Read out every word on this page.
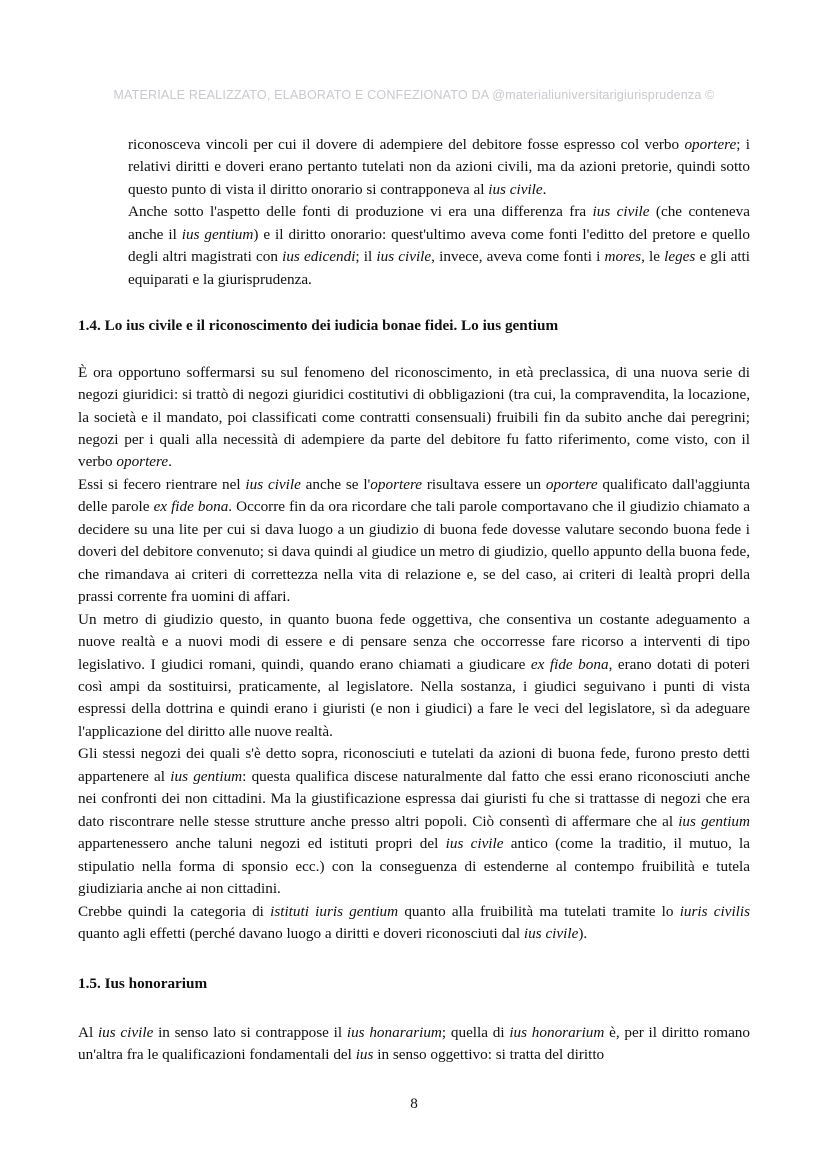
MATERIALE REALIZZATO, ELABORATO E CONFEZIONATO DA @materialiuniversitarigiurisprudenza ©

riconosceva vincoli per cui il dovere di adempiere del debitore fosse espresso col verbo oportere; i relativi diritti e doveri erano pertanto tutelati non da azioni civili, ma da azioni pretorie, quindi sotto questo punto di vista il diritto onorario si contrapponeva al ius civile.

Anche sotto l'aspetto delle fonti di produzione vi era una differenza fra ius civile (che conteneva anche il ius gentium) e il diritto onorario: quest'ultimo aveva come fonti l'editto del pretore e quello degli altri magistrati con ius edicendi; il ius civile, invece, aveva come fonti i mores, le leges e gli atti equiparati e la giurisprudenza.

1.4. Lo ius civile e il riconoscimento dei iudicia bonae fidei. Lo ius gentium

È ora opportuno soffermarsi su sul fenomeno del riconoscimento, in età preclassica, di una nuova serie di negozi giuridici: si trattò di negozi giuridici costitutivi di obbligazioni (tra cui, la compravendita, la locazione, la società e il mandato, poi classificati come contratti consensuali) fruibili fin da subito anche dai peregrini; negozi per i quali alla necessità di adempiere da parte del debitore fu fatto riferimento, come visto, con il verbo oportere.

Essi si fecero rientrare nel ius civile anche se l'oportere risultava essere un oportere qualificato dall'aggiunta delle parole ex fide bona. Occorre fin da ora ricordare che tali parole comportavano che il giudizio chiamato a decidere su una lite per cui si dava luogo a un giudizio di buona fede dovesse valutare secondo buona fede i doveri del debitore convenuto; si dava quindi al giudice un metro di giudizio, quello appunto della buona fede, che rimandava ai criteri di correttezza nella vita di relazione e, se del caso, ai criteri di lealtà propri della prassi corrente fra uomini di affari.

Un metro di giudizio questo, in quanto buona fede oggettiva, che consentiva un costante adeguamento a nuove realtà e a nuovi modi di essere e di pensare senza che occorresse fare ricorso a interventi di tipo legislativo. I giudici romani, quindi, quando erano chiamati a giudicare ex fide bona, erano dotati di poteri così ampi da sostituirsi, praticamente, al legislatore. Nella sostanza, i giudici seguivano i punti di vista espressi della dottrina e quindi erano i giuristi (e non i giudici) a fare le veci del legislatore, sì da adeguare l'applicazione del diritto alle nuove realtà.

Gli stessi negozi dei quali s'è detto sopra, riconosciuti e tutelati da azioni di buona fede, furono presto detti appartenere al ius gentium: questa qualifica discese naturalmente dal fatto che essi erano riconosciuti anche nei confronti dei non cittadini. Ma la giustificazione espressa dai giuristi fu che si trattasse di negozi che era dato riscontrare nelle stesse strutture anche presso altri popoli. Ciò consentì di affermare che al ius gentium appartenessero anche taluni negozi ed istituti propri del ius civile antico (come la traditio, il mutuo, la stipulatio nella forma di sponsio ecc.) con la conseguenza di estenderne al contempo fruibilità e tutela giudiziaria anche ai non cittadini.

Crebbe quindi la categoria di istituti iuris gentium quanto alla fruibilità ma tutelati tramite lo iuris civilis quanto agli effetti (perché davano luogo a diritti e doveri riconosciuti dal ius civile).

1.5. Ius honorarium

Al ius civile in senso lato si contrappose il ius honararium; quella di ius honorarium è, per il diritto romano un'altra fra le qualificazioni fondamentali del ius in senso oggettivo: si tratta del diritto

8
